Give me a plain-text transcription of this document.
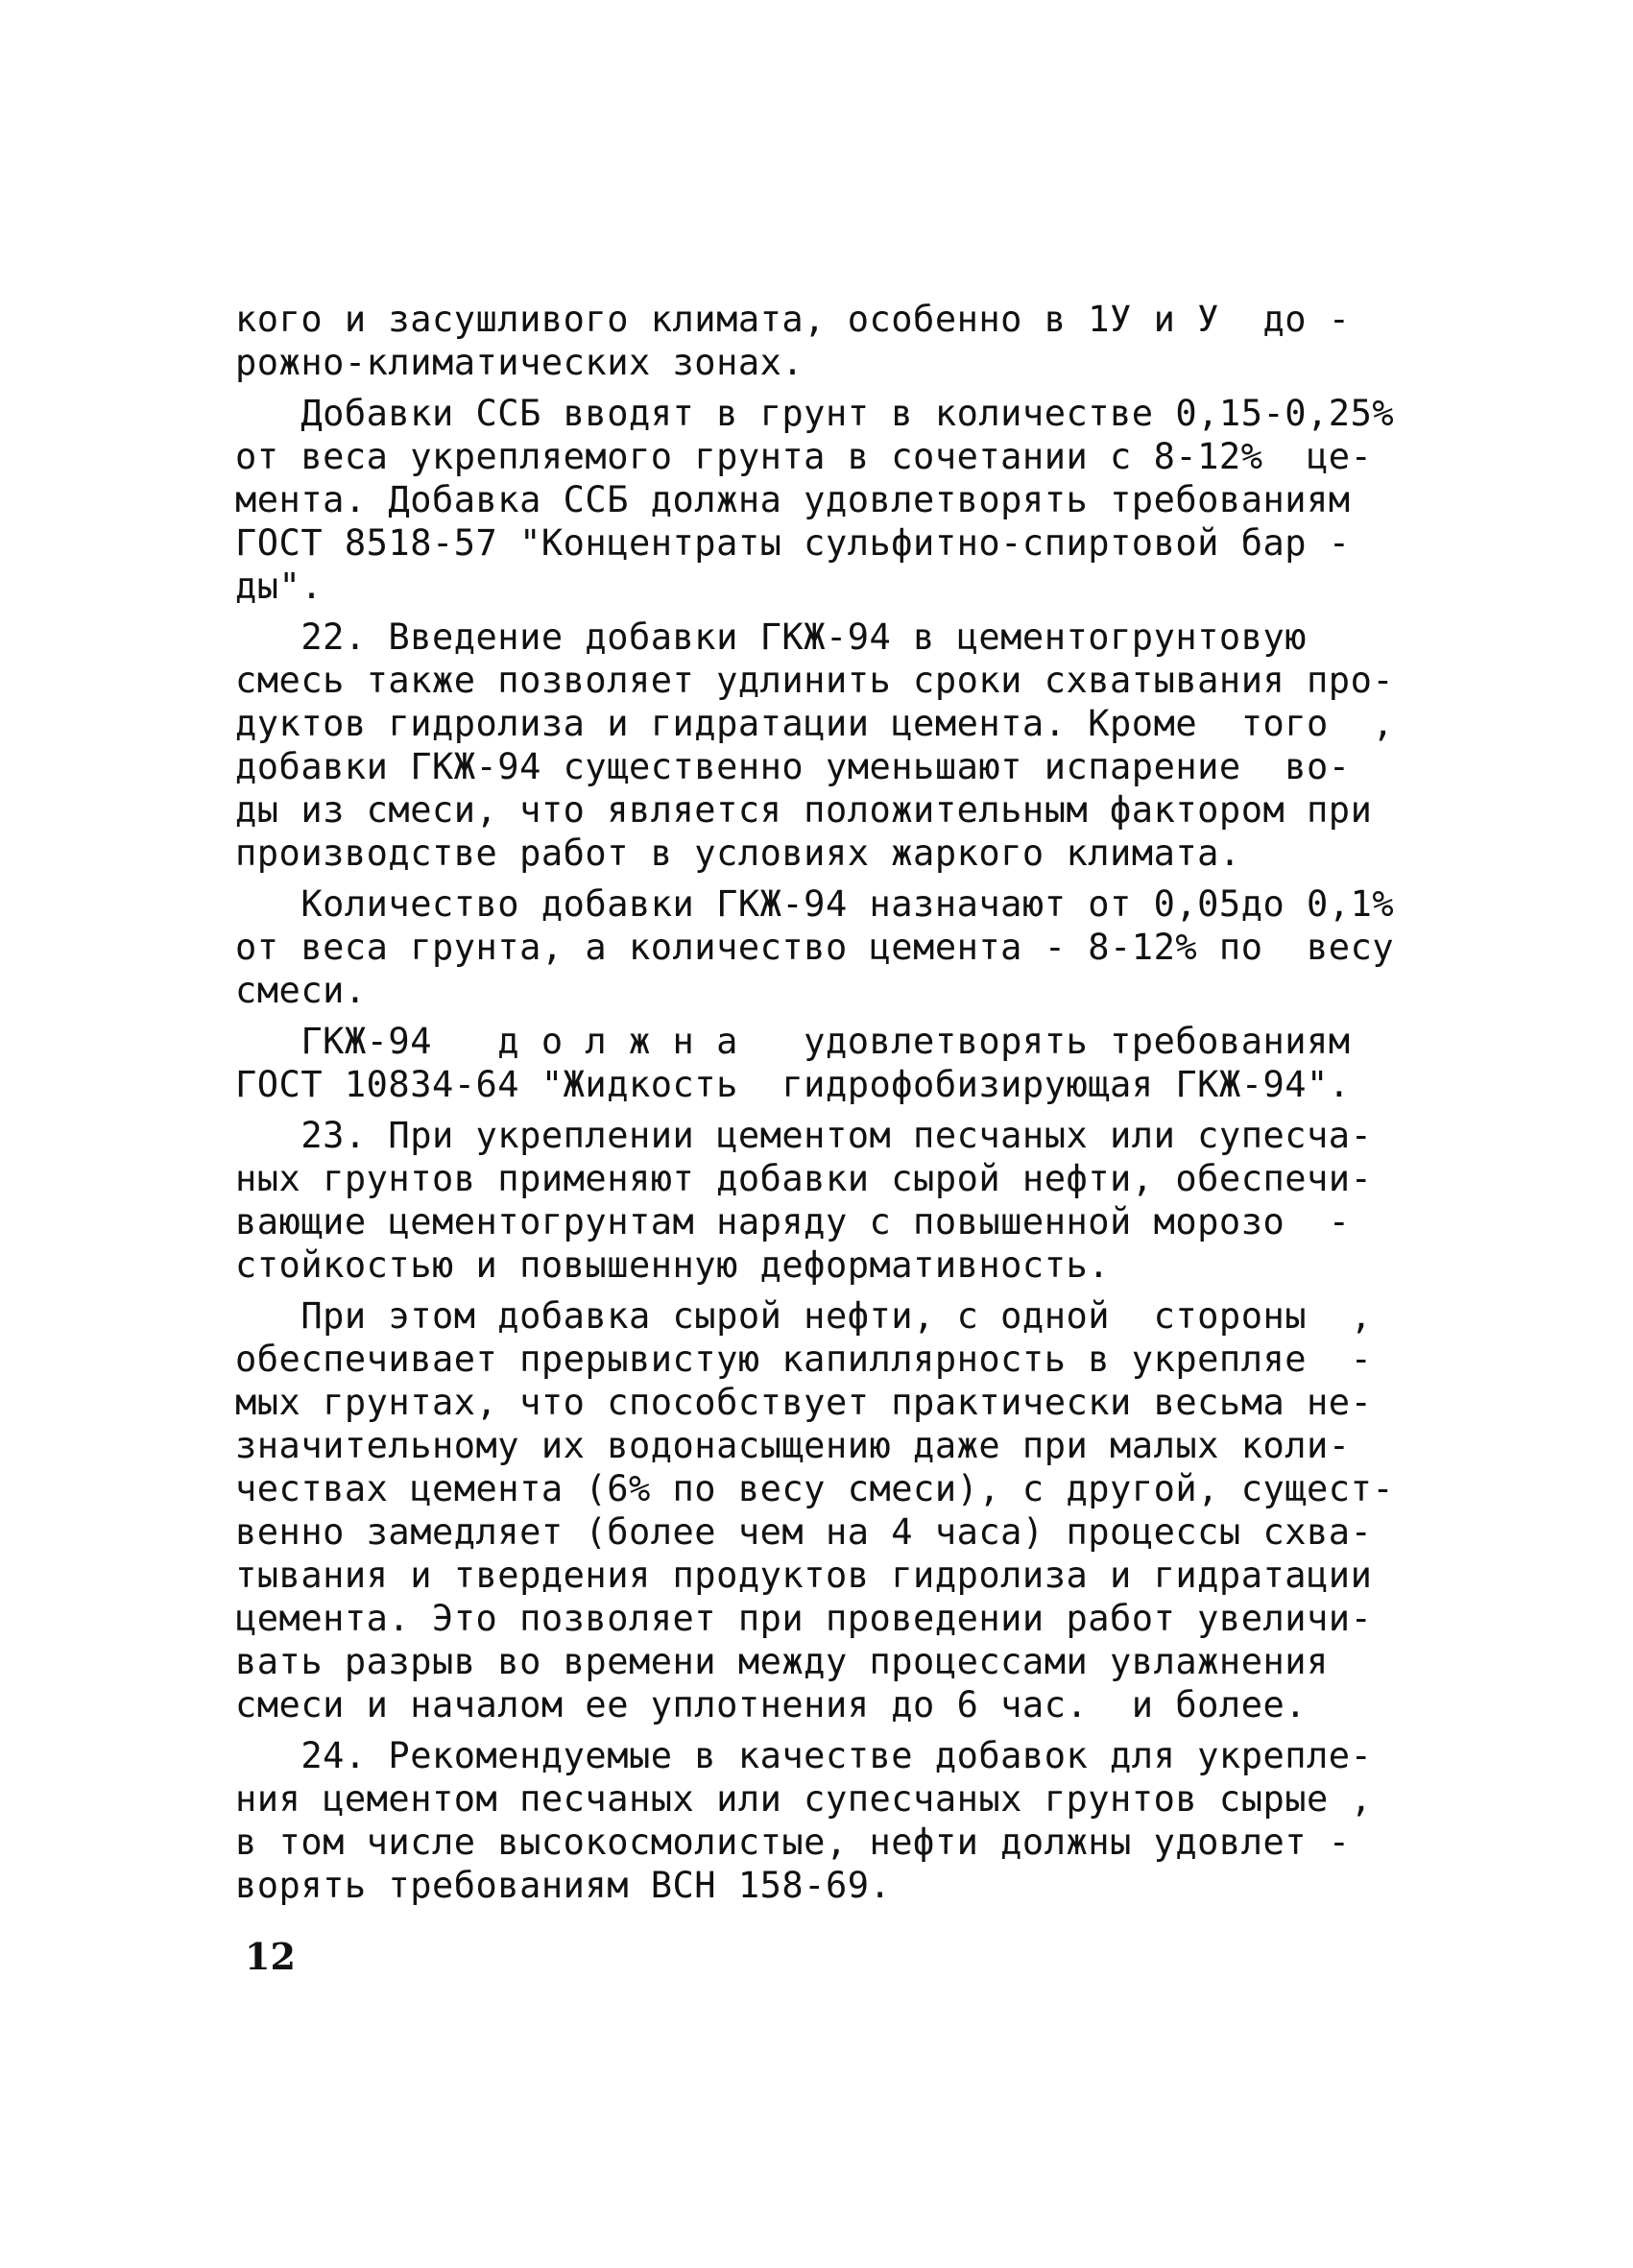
кого и засушливого климата, особенно в 1У и У  до -
рожно-климатических зонах.
Добавки ССБ вводят в грунт в количестве 0,15-0,25%
от веса укрепляемого грунта в сочетании с 8-12%  це-
мента. Добавка ССБ должна удовлетворять требованиям
ГОСТ 8518-57 "Концентраты сульфитно-спиртовой бар -
ды".
22. Введение добавки ГКЖ-94 в цементогрунтовую
смесь также позволяет удлинить сроки схватывания про-
дуктов гидролиза и гидратации цемента. Кроме  того  ,
добавки ГКЖ-94 существенно уменьшают испарение  во-
ды из смеси, что является положительным фактором при
производстве работ в условиях жаркого климата.
Количество добавки ГКЖ-94 назначают от 0,05до 0,1%
от веса грунта, а количество цемента - 8-12% по  весу
смеси.
ГКЖ-94   д о л ж н а   удовлетворять требованиям
ГОСТ 10834-64 "Жидкость  гидрофобизирующая ГКЖ-94".
23. При укреплении цементом песчаных или супесча-
ных грунтов применяют добавки сырой нефти, обеспечи-
вающие цементогрунтам наряду с повышенной морозо  -
стойкостью и повышенную деформативность.
При этом добавка сырой нефти, с одной  стороны  ,
обеспечивает прерывистую капиллярность в укрепляе  -
мых грунтах, что способствует практически весьма не-
значительному их водонасыщению даже при малых коли-
чествах цемента (6% по весу смеси), с другой, сущест-
венно замедляет (более чем на 4 часа) процессы схва-
тывания и твердения продуктов гидролиза и гидратации
цемента. Это позволяет при проведении работ увеличи-
вать разрыв во времени между процессами увлажнения
смеси и началом ее уплотнения до 6 час.  и более.
24. Рекомендуемые в качестве добавок для укрепле-
ния цементом песчаных или супесчаных грунтов сырые ,
в том числе высокосмолистые, нефти должны удовлет -
ворять требованиям ВСН 158-69.
12
